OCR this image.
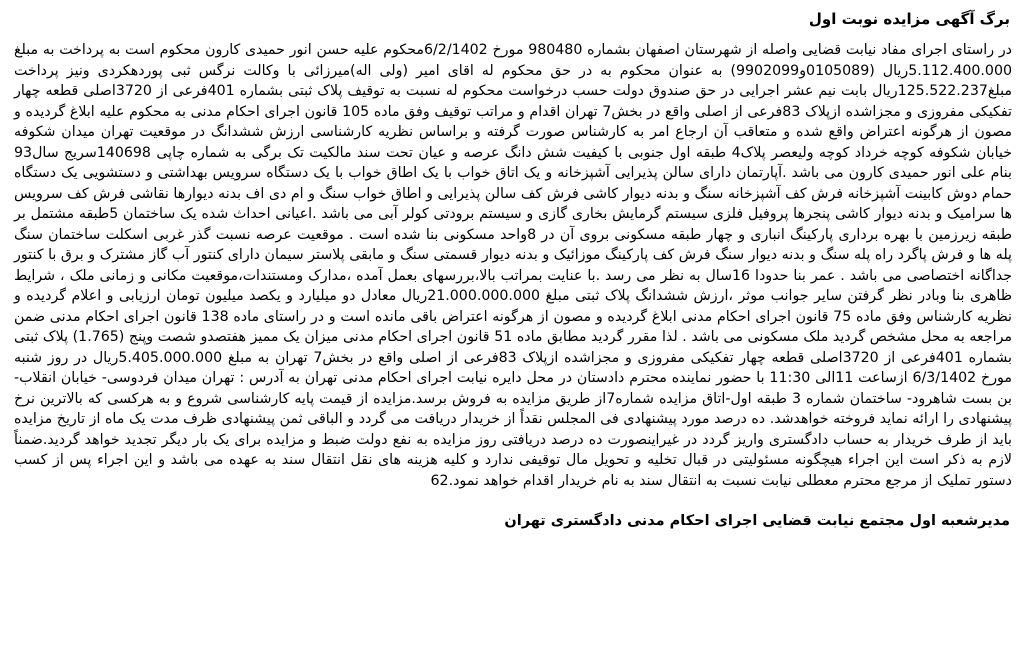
برگ آگهی مزایده نوبت اول

در راستای اجرای مفاد نیابت قضایی واصله از شهرستان اصفهان بشماره 980480 مورخ 6/2/1402محکوم علیه حسن انور حمیدی کارون محکوم است به پرداخت به مبلغ 5.112.400.000ریال (0105089و9902099) به عنوان محکوم به در حق محکوم له اقای امیر (ولی اله)میرزائی با وکالت نرگس ثبی پوردهکردی ونیز پرداخت مبلغ125.522.237ریال بابت نیم عشر اجرایی در حق صندوق دولت حسب درخواست محکوم له نسبت به توقیف پلاک ثبتی بشماره 401فرعی از 3720اصلی قطعه چهار تفکیکی مفروزی و مجزاشده ازپلاک 83فرعی از اصلی واقع در بخش7 تهران اقدام و مراتب توقیف وفق ماده 105 قانون اجرای احکام مدنی به محکوم علیه ابلاغ گردیده و مصون از هرگونه اعتراض واقع شده و متعاقب آن ارجاع امر به کارشناس صورت گرفته و براساس نظریه کارشناسی ارزش ششدانگ در موقعیت تهران میدان شکوفه خیابان شکوفه کوچه خرداد کوچه ولیعصر پلاک4 طبقه اول جنوبی با کیفیت شش دانگ عرصه و عیان تحت سند مالکیت تک برگی به شماره چاپی 140698سریج سال93 بنام علی انور حمیدی کارون می باشد .آپارتمان دارای سالن پذیرایی آشپزخانه و یک اتاق خواب با یک اطاق خواب با یک دستگاه سرویس بهداشتی و دستشویی یک دستگاه حمام دوش کابینت آشپزخانه فرش کف آشپزخانه سنگ و بدنه دیوار کاشی فرش کف سالن پذیرایی و اطاق خواب سنگ و ام دی اف بدنه دیوارها نقاشی فرش کف سرویس ها سرامیک و بدنه دیوار کاشی پنجرها پروفیل فلزی سیستم گرمایش بخاری گازی و سیستم برودتی کولر آبی می باشد .اعیانی احداث شده یک ساختمان 5طبقه مشتمل بر طبقه زیرزمین با بهره برداری پارکینگ انباری و چهار طبقه مسکونی بروی آن در 8واحد مسکونی بنا شده است . موقعیت عرصه نسبت گذر غربی اسکلت ساختمان سنگ پله ها و فرش پاگرد راه پله سنگ و بدنه دیوار سنگ فرش کف پارکینگ موزائیک و بدنه دیوار قسمتی سنگ و مابقی پلاستر سیمان دارای کنتور آب گاز مشترک و برق با کنتور جداگانه اختصاصی می باشد . عمر بنا حدودا 16سال به نظر می رسد .با عنایت بمراتب بالا،بررسهای بعمل آمده ،مدارک ومستندات،موقعیت مکانی و زمانی ملک ، شرایط ظاهری بنا وبادر نظر گرفتن سایر جوانب موثر ،ارزش ششدانگ پلاک ثبتی مبلغ 21.000.000.000ریال معادل دو میلیارد و یکصد میلیون تومان ارزیابی و اعلام گردیده و نظریه کارشناس وفق ماده 75 قانون اجرای احکام مدنی ابلاغ گردیده و مصون از هرگونه اعتراض باقی مانده است و در راستای ماده 138 قانون اجرای احکام مدنی ضمن مراجعه به محل مشخص گردید ملک مسکونی می باشد . لذا مقرر گردید مطابق ماده 51 قانون اجرای احکام مدنی میزان یک ممیز هفتصدو شصت وپنج (1.765) پلاک ثبتی بشماره 401فرعی از 3720اصلی قطعه چهار تفکیکی مفروزی و مجزاشده ازپلاک 83فرعی از اصلی واقع در بخش7 تهران به مبلغ 5.405.000.000ریال در روز شنبه مورخ 6/3/1402 ازساعت 11الی 11:30 با حضور نماینده محترم دادستان در محل دایره نیابت اجرای احکام مدنی تهران به آدرس : تهران میدان فردوسی- خیابان انقلاب- بن بست شاهرود- ساختمان شماره 3 طبقه اول-اتاق مزایده شماره7از طریق مزایده به فروش برسد.مزایده از قیمت پایه کارشناسی شروع و به هرکسی که بالاترین نرخ پیشنهادی را ارائه نماید فروخته خواهدشد. ده درصد مورد پیشنهادی فی المجلس نقداً از خریدار دریافت می گردد و الباقی ثمن پیشنهادی ظرف مدت یک ماه از تاریخ مزایده باید از طرف خریدار به حساب دادگستری واریز گردد در غیراینصورت ده درصد دریافتی روز مزایده به نفع دولت ضبط و مزایده برای یک بار دیگر تجدید خواهد گردید.ضمناً لازم به ذکر است این اجراء هیچگونه مسئولیتی در قبال تخلیه و تحویل مال توقیفی ندارد و کلیه هزینه های نقل انتقال سند به عهده می باشد و این اجراء پس از کسب دستور تملیک از مرجع محترم معطلی نیابت نسبت به انتقال سند به نام خریدار اقدام خواهد نمود.62

مدیرشعبه اول مجتمع نیابت قضایی اجرای احکام مدنی دادگستری تهران
